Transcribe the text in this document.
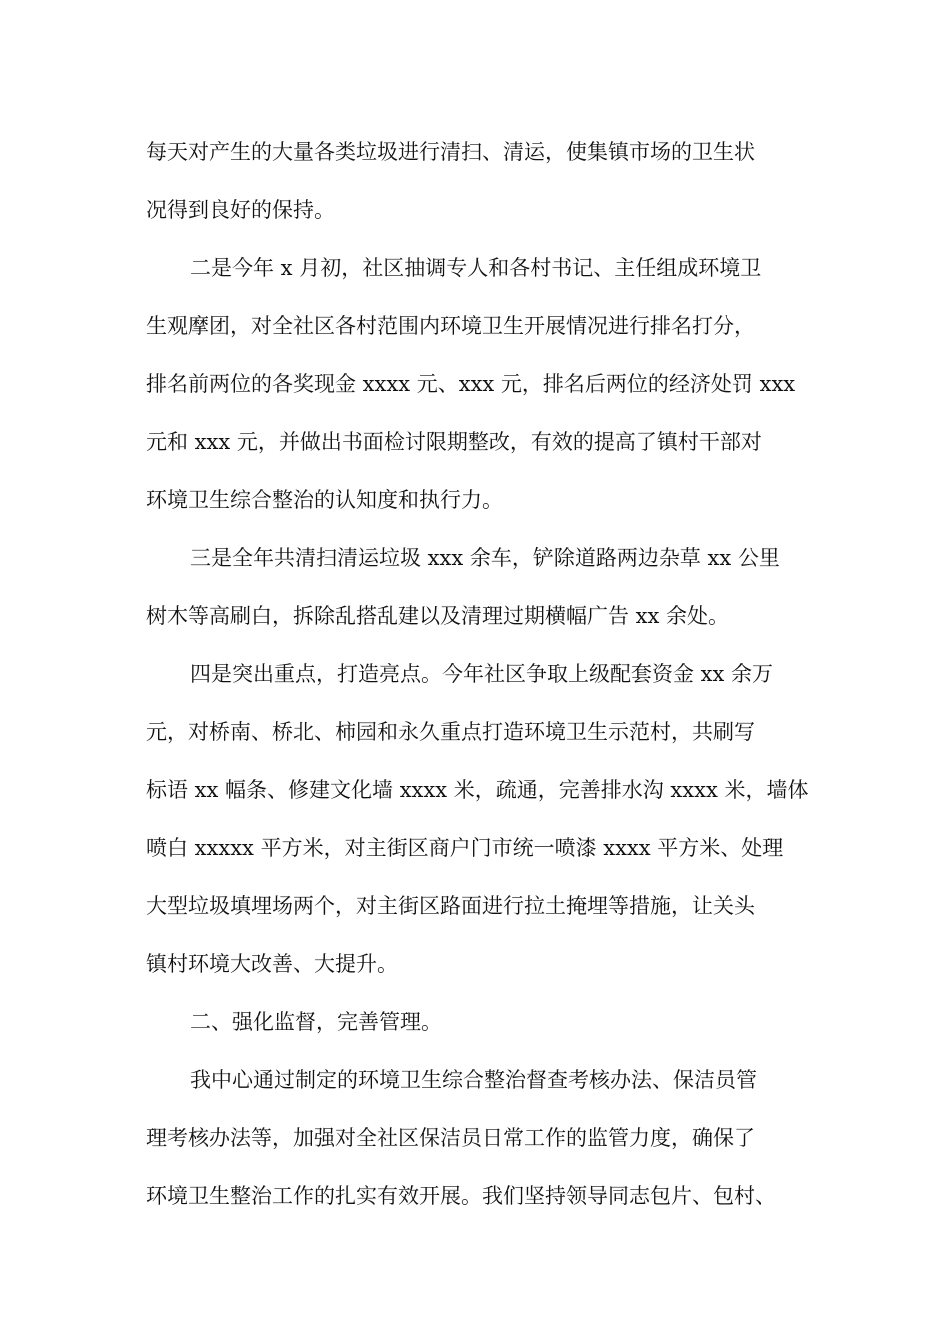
每天对产生的大量各类垃圾进行清扫、清运，使集镇市场的卫生状
况得到良好的保持。
二是今年 x 月初，社区抽调专人和各村书记、主任组成环境卫
生观摩团，对全社区各村范围内环境卫生开展情况进行排名打分，
排名前两位的各奖现金 xxxx 元、xxx 元，排名后两位的经济处罚 xxx
元和 xxx 元，并做出书面检讨限期整改，有效的提高了镇村干部对
环境卫生综合整治的认知度和执行力。
三是全年共清扫清运垃圾 xxx 余车，铲除道路两边杂草 xx 公里
树木等高刷白，拆除乱搭乱建以及清理过期横幅广告 xx 余处。
四是突出重点，打造亮点。今年社区争取上级配套资金 xx 余万
元，对桥南、桥北、柿园和永久重点打造环境卫生示范村，共刷写
标语 xx 幅条、修建文化墙 xxxx 米，疏通，完善排水沟 xxxx 米，墙体
喷白 xxxxx 平方米，对主街区商户门市统一喷漆 xxxx 平方米、处理
大型垃圾填埋场两个，对主街区路面进行拉土掩埋等措施，让关头
镇村环境大改善、大提升。
二、强化监督，完善管理。
我中心通过制定的环境卫生综合整治督查考核办法、保洁员管
理考核办法等，加强对全社区保洁员日常工作的监管力度，确保了
环境卫生整治工作的扎实有效开展。我们坚持领导同志包片、包村、
